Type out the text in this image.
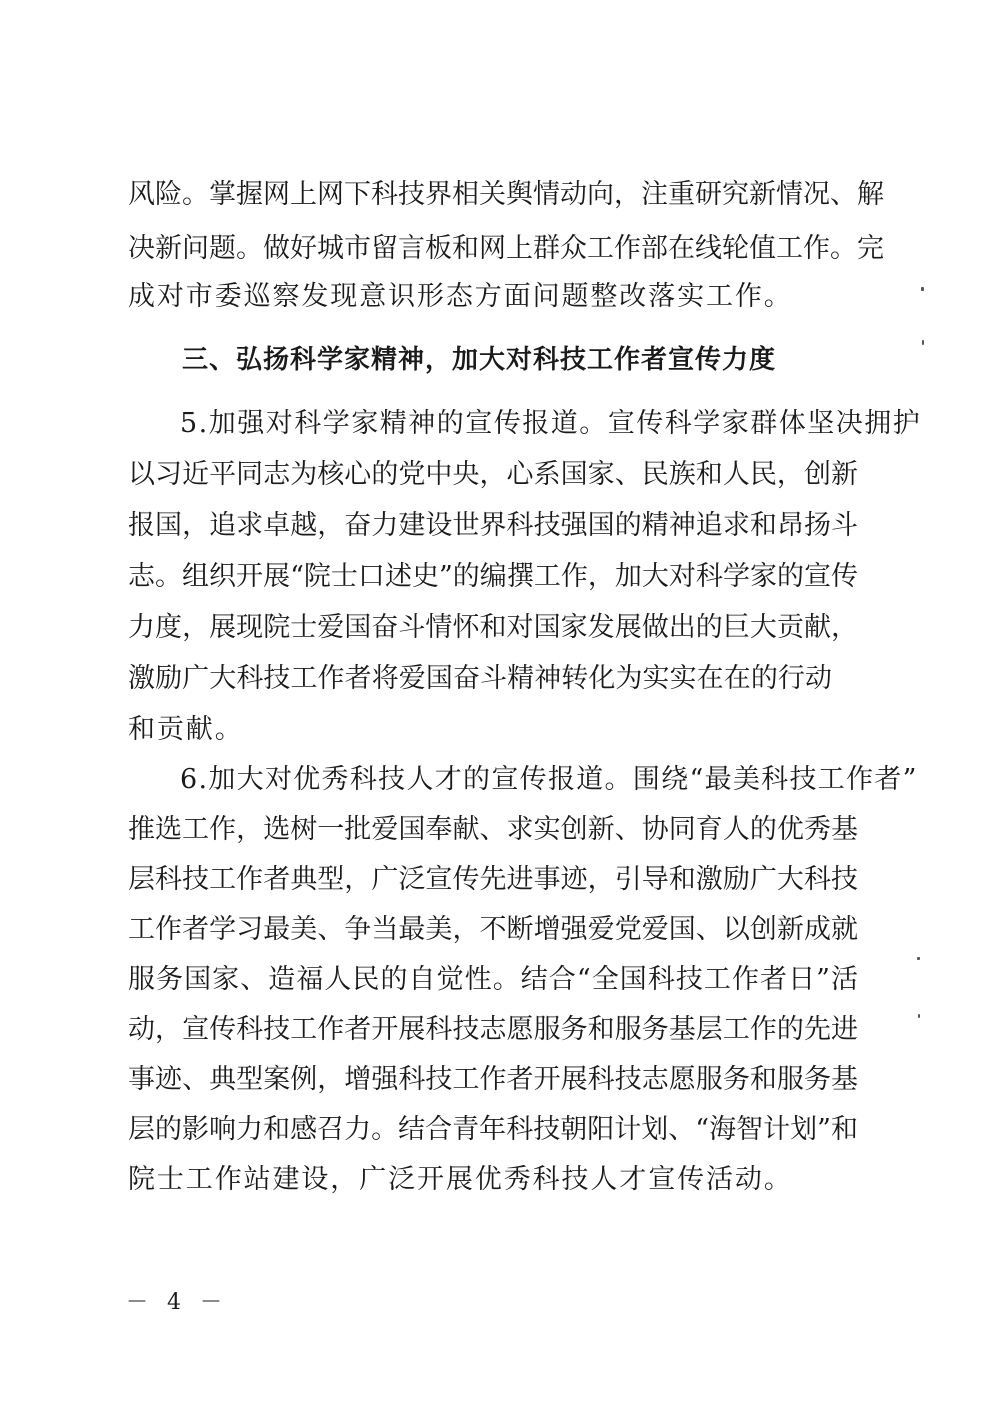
风险。掌握网上网下科技界相关舆情动向，注重研究新情况、解
决新问题。做好城市留言板和网上群众工作部在线轮值工作。完
成对市委巡察发现意识形态方面问题整改落实工作。
三、弘扬科学家精神，加大对科技工作者宣传力度
5.加强对科学家精神的宣传报道。宣传科学家群体坚决拥护
以习近平同志为核心的党中央，心系国家、民族和人民，创新
报国，追求卓越，奋力建设世界科技强国的精神追求和昂扬斗
志。组织开展“院士口述史”的编撰工作，加大对科学家的宣传
力度，展现院士爱国奋斗情怀和对国家发展做出的巨大贡献，
激励广大科技工作者将爱国奋斗精神转化为实实在在的行动
和贡献。
6.加大对优秀科技人才的宣传报道。围绕“最美科技工作者”
推选工作，选树一批爱国奉献、求实创新、协同育人的优秀基
层科技工作者典型，广泛宣传先进事迹，引导和激励广大科技
工作者学习最美、争当最美，不断增强爱党爱国、以创新成就
服务国家、造福人民的自觉性。结合“全国科技工作者日”活
动，宣传科技工作者开展科技志愿服务和服务基层工作的先进
事迹、典型案例，增强科技工作者开展科技志愿服务和服务基
层的影响力和感召力。结合青年科技朝阳计划、“海智计划”和
院士工作站建设，广泛开展优秀科技人才宣传活动。
－ 4 －
